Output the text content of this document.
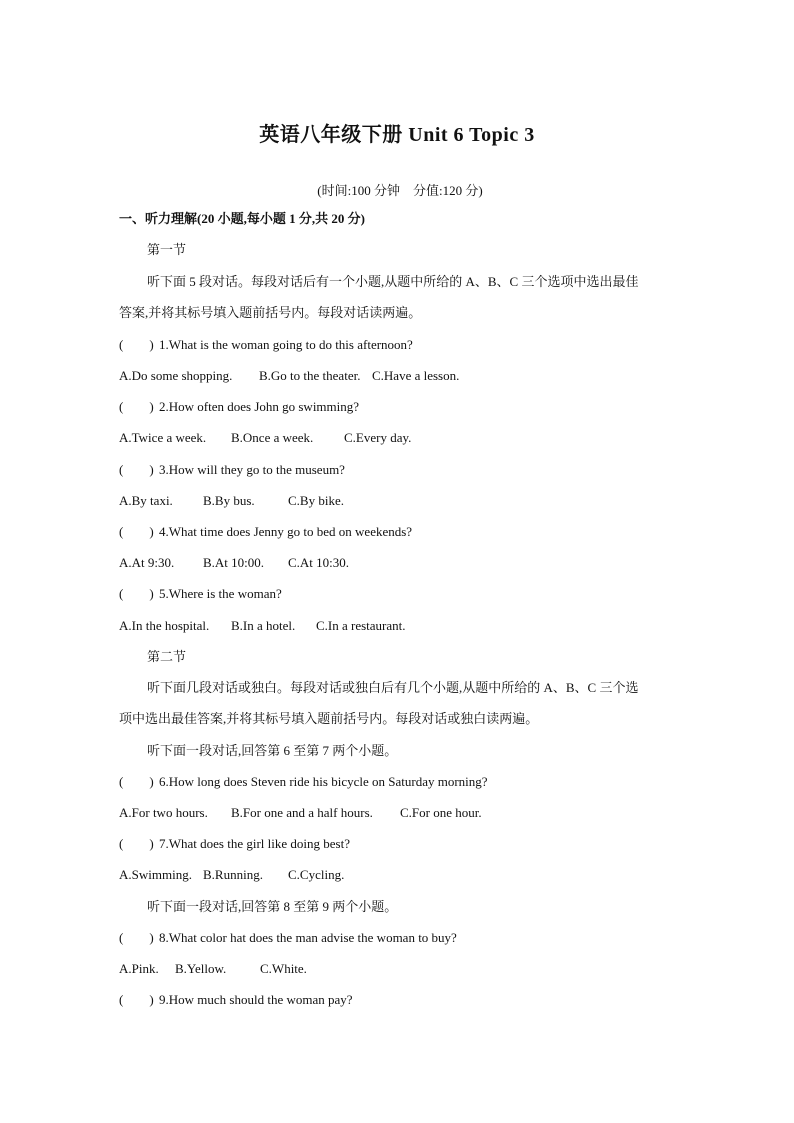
英语八年级下册 Unit 6 Topic 3
(时间:100 分钟　分值:120 分)
一、听力理解(20 小题,每小题 1 分,共 20 分)
第一节
听下面 5 段对话。每段对话后有一个小题,从题中所给的 A、B、C 三个选项中选出最佳
答案,并将其标号填入题前括号内。每段对话读两遍。
(　　) 1.What is the woman going to do this afternoon?
A.Do some shopping. B.Go to the theater. C.Have a lesson.
(　　) 2.How often does John go swimming?
A.Twice a week. B.Once a week. C.Every day.
(　　) 3.How will they go to the museum?
A.By taxi. B.By bus.	C.By bike.
(　　) 4.What time does Jenny go to bed on weekends?
A.At 9:30. B.At 10:00. C.At 10:30.
(　　) 5.Where is the woman?
A.In the hospital. B.In a hotel. C.In a restaurant.
第二节
听下面几段对话或独白。每段对话或独白后有几个小题,从题中所给的 A、B、C 三个选
项中选出最佳答案,并将其标号填入题前括号内。每段对话或独白读两遍。
听下面一段对话,回答第 6 至第 7 两个小题。
(　　) 6.How long does Steven ride his bicycle on Saturday morning?
A.For two hours. B.For one and a half hours. C.For one hour.
(　　) 7.What does the girl like doing best?
A.Swimming. B.Running. C.Cycling.
听下面一段对话,回答第 8 至第 9 两个小题。
(　　) 8.What color hat does the man advise the woman to buy?
A.Pink. B.Yellow.	C.White.
(　　) 9.How much should the woman pay?
